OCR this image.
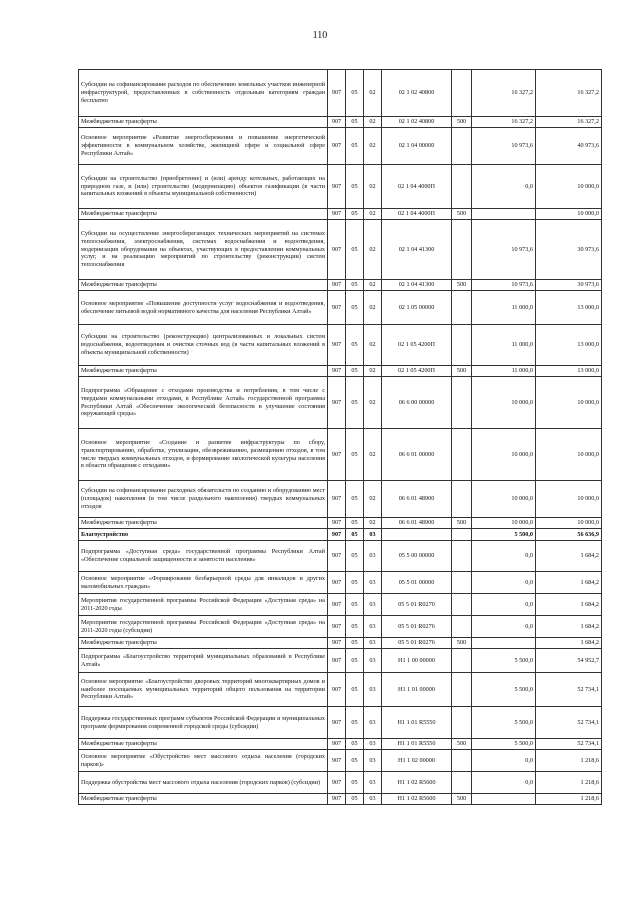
110
Субсидии на софинансирование расходов по обеспечению земельных участков инженерной инфраструктурой, предоставленных в собственность отдельным категориям граждан бесплатно	907	05	02	02 1 02 40800		16 327,2	16 327,2
Межбюджетные трансферты	907	05	02	02 1 02 40800	500	16 327,2	16 327,2
Основное мероприятие «Развитие энергосбережения и повышение энергетической эффективности в коммунальном хозяйстве, жилищной сфере и социальной сфере Республики Алтай»	907	05	02	02 1 04 00000		10 973,6	40 973,6
Субсидии на строительство (приобретение) и (или) аренду котельных, работающих на природном газе, и (или) строительство (модернизацию) объектов газификации (в части капитальных вложений в объекты муниципальной собственности)	907	05	02	02 1 04 4000П		0,0	10 000,0
Межбюджетные трансферты	907	05	02	02 1 04 4000П	500		10 000,0
Субсидии на осуществление энергосберегающих технических мероприятий на системах теплоснабжения, электроснабжения, системах водоснабжения и водоотведения, модернизация оборудования на объектах, участвующих в предоставлении коммунальных услуг, и на реализацию мероприятий по строительству (реконструкции) систем теплоснабжения	907	05	02	02 1 04 41300		10 973,6	30 973,6
Межбюджетные трансферты	907	05	02	02 1 04 41300	500	10 973,6	30 973,6
Основное мероприятие «Повышение доступности услуг водоснабжения и водоотведения, обеспечение питьевой водой нормативного качества для населения Республики Алтай»	907	05	02	02 1 05 00000		11 000,0	13 000,0
Субсидии на строительство (реконструкцию) централизованных и локальных систем водоснабжения, водоотведения и очистки сточных вод (в части капитальных вложений в объекты муниципальной собственности)	907	05	02	02 1 05 4200П		11 000,0	13 000,0
Межбюджетные трансферты	907	05	02	02 1 05 4200П	500	11 000,0	13 000,0
Подпрограмма «Обращение с отходами производства и потребления, в том числе с твердыми коммунальными отходами, в Республике Алтай» государственной программы Республики Алтай «Обеспечение экологической безопасности и улучшение состояния окружающей среды»	907	05	02	06 6 00 00000		10 000,0	10 000,0
Основное мероприятие «Создание и развитие инфраструктуры по сбору, транспортированию, обработке, утилизации, обезвреживанию, размещению отходов, в том числе твердых коммунальных отходов, и формирование экологической культуры населения в области обращения с отходами»	907	05	02	06 6 01 00000		10 000,0	10 000,0
Субсидии на софинансирование расходных обязательств по созданию и оборудованию мест (площадок) накопления (в том числе раздельного накопления) твердых коммунальных отходов	907	05	02	06 6 01 48900		10 000,0	10 000,0
Межбюджетные трансферты	907	05	02	06 6 01 48900	500	10 000,0	10 000,0
Благоустройство	907	05	03			5 500,0	56 636,9
Подпрограмма «Доступная среда» государственной программы Республики Алтай «Обеспечение социальной защищенности и занятости населения»	907	05	03	05 5 00 00000		0,0	1 684,2
Основное мероприятие «Формирование безбарьерной среды для инвалидов и других маломобильных граждан»	907	05	03	05 5 01 00000		0,0	1 684,2
Мероприятия государственной программы Российской Федерации «Доступная среда» на 2011-2020 годы	907	05	03	05 5 01 R0270		0,0	1 684,2
Мероприятия государственной программы Российской Федерации «Доступная среда» на 2011-2020 годы (субсидии)	907	05	03	05 5 01 R0276		0,0	1 684,2
Межбюджетные трансферты	907	05	03	05 5 01 R0276	500		1 684,2
Подпрограмма «Благоустройство территорий муниципальных образований в Республике Алтай»	907	05	03	Н1 1 00 00000		5 500,0	54 952,7
Основное мероприятие «Благоустройство дворовых территорий многоквартирных домов и наиболее посещаемых муниципальных территорий общего пользования на территории Республики Алтай»	907	05	03	Н1 1 01 00000		5 500,0	52 734,1
Поддержка государственных программ субъектов Российской Федерации и муниципальных программ формирования современной городской среды (субсидии)	907	05	03	Н1 1 01 R5550		5 500,0	52 734,1
Межбюджетные трансферты	907	05	03	Н1 1 01 R5550	500	5 500,0	52 734,1
Основное мероприятие «Обустройство мест массового отдыха населения (городских парков)»	907	05	03	Н1 1 02 00000		0,0	1 218,6
Поддержка обустройства мест массового отдыха населения (городских парков) (субсидии)	907	05	03	Н1 1 02 R5600		0,0	1 218,6
Межбюджетные трансферты	907	05	03	Н1 1 02 R5600	500		1 218,6
